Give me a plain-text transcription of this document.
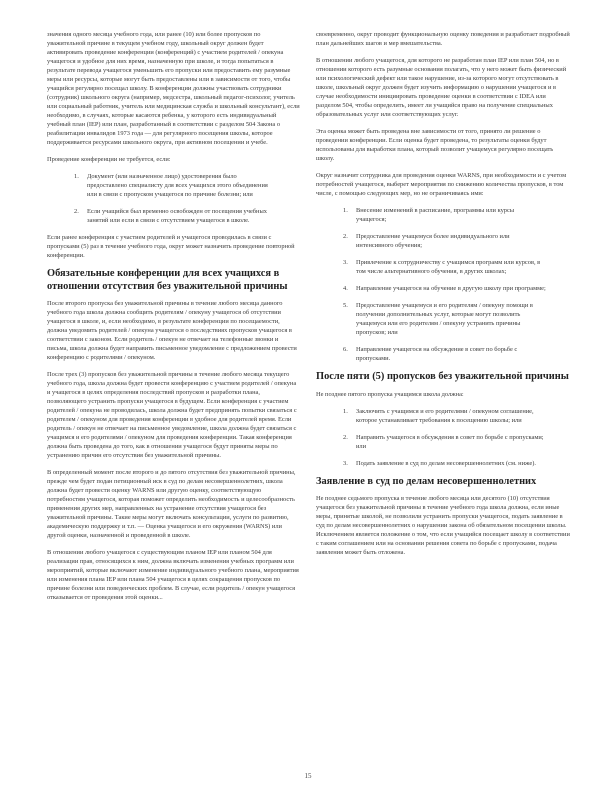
значения одного месяца учебного года, или ранее (10) или более пропусков по уважительной причине в текущем учебном году, школьный округ должен будет активировать проведение конференции (конференций) с участием родителей / опекуна учащегося и удобное для них время, назначенную при школе, и тогда попытаться в результате перевода учащегося уменьшить его пропуски или предоставить ему разумные меры или ресурсы, которые могут быть предоставлены или в зависимости от того, чтобы учащийся регулярно посещал школу. В конференции должны участвовать сотрудники (сотрудник) школьного округа (например, медсестра, школьный педагог-психолог, учитель или социальный работник, учитель или медицинская служба и школьный консультант), если необходимо, в случаях, которые касаются ребенка, у которого есть индивидуальный учебный план (IEP) или план, разработанный в соответствии с разделом 504 Закона о реабилитации инвалидов 1973 года — для регулярного посещения школы, которое поддерживается ресурсами школьного округа, при активном посещении и учебе.

Проведение конференции не требуется, если:

1. Документ (или назначенное лицо) удостоверения было предоставлено специалисту для всех учащихся этого объединения или в связи с пропуском учащегося по причине болезни; или
2. Если учащийся был временно освобожден от посещения учебных занятий или если в связи с отсутствием учащегося в школе.

Если ранее конференция с участием родителей и учащегося проводилась в связи с пропусками (5) раз в течение учебного года, округ может назначить проведение повторной конференции.

Обязательные конференции для всех учащихся в отношении отсутствия без уважительной причины

После второго пропуска без уважительной причины в течение любого месяца данного учебного года школа должна сообщить родителям / опекуну учащегося об отсутствии учащегося в школе, и, если необходимо, в результате конференции по посещаемости, должна уведомить родителей / опекуна учащегося о последствиях пропусков учащегося в соответствии с законом. Если родитель / опекун не отвечает на телефонные звонки и письма, школа должна будет направить письменное уведомление с предложением провести конференцию с родителями / опекуном.

После трех (3) пропусков без уважительной причины в течение любого месяца текущего учебного года, школа должна будет провести конференцию с участием родителей / опекуна и учащегося в целях определения последствий пропусков и разработки плана, позволяющего устранить пропуски учащегося в будущем. Если конференция с участием родителей / опекуна не проводилась, школа должна будет предпринять попытки связаться с родителем / опекуном для проведения конференции в удобное для родителей время. Если родитель / опекун не отвечает на письменное уведомление, школа должна будет связаться с учащимся и его родителями / опекуном для проведения конференции. Такая конференция должна быть проведена до того, как в отношении учащегося будут приняты меры по устранению причин его отсутствия без уважительной причины.

В определенный момент после второго и до пятого отсутствия без уважительной причины, прежде чем будет подан петиционный иск в суд по делам несовершеннолетних, школа должна будет провести оценку WARNS или другую оценку, соответствующую потребностям учащегося, которая поможет определить необходимость и целесообразность применения других мер, направленных на устранение отсутствия учащегося без уважительной причины. Такие меры могут включать консультации, услуги по развитию, академическую поддержку и т.п. — Оценка учащегося и его окружения (WARNS) или другой оценки, назначенной и проведенной в школе.

В отношении любого учащегося с существующим планом IEP или планом 504 для реализации прав, относящихся к ним, должна включать изменения учебных программ или мероприятий, которые включают изменение индивидуального учебного плана, мероприятия или изменения плана IEP или плана 504 учащегося в целях сокращения пропусков по причине болезни или поведенческих проблем. В случае, если родитель / опекун учащегося отказывается от проведения этой оценки...

своевременно, округ проводит функциональную оценку поведения и разработает подробный план дальнейших шагов и мер вмешательства.

В отношении любого учащегося, для которого не разработан план IEP или план 504, но в отношении которого есть разумные основания полагать, что у него может быть физический или психологический дефект или такое нарушение, из-за которого могут отсутствовать в школе, школьный округ должен будет изучить информацию о нарушении учащегося и в случае необходимости инициировать проведение оценки в соответствии с IDEA или разделом 504, чтобы определить, имеет ли учащийся право на получение специальных образовательных услуг или соответствующих услуг.

Эта оценка может быть проведена вне зависимости от того, принято ли решение о проведении конференции. Если оценка будет проведена, то результаты оценки будут использованы для выработки плана, который позволит учащемуся регулярно посещать школу.

Округ назначит сотрудника для проведения оценки WARNS, при необходимости и с учетом потребностей учащегося, выберет мероприятия по снижению количества пропусков, в том числе, с помощью следующих мер, но не ограничиваясь ими:

1. Внесение изменений в расписание, программы или курсы учащегося;
2. Предоставление учащемуся более индивидуального или интенсивного обучения;
3. Привлечение к сотрудничеству с учащимся программ или курсов, в том числе альтернативного обучения, в других школах;
4. Направление учащегося на обучение в другую школу при программе;
5. Предоставление учащемуся и его родителям / опекуну помощи в получении дополнительных услуг, которые могут позволить учащемуся или его родителям / опекуну устранить причины пропусков; или
6. Направление учащегося на обсуждение в совет по борьбе с пропусками.
После пяти (5) пропусков без уважительной причины

Не позднее пятого пропуска учащимся школа должна:

1. Заключить с учащимся и его родителями / опекуном соглашение, которое устанавливает требования к посещению школы; или
2. Направить учащегося в обсуждения в совет по борьбе с пропусками; или
3. Подать заявление в суд по делам несовершеннолетних (см. ниже).
Заявление в суд по делам несовершеннолетних

Не позднее седьмого пропуска в течение любого месяца или десятого (10) отсутствия учащегося без уважительной причины в течение учебного года школа должна, если иные меры, принятые школой, не позволили устранить пропуски учащегося, подать заявление в суд по делам несовершеннолетних о нарушении закона об обязательном посещении школы. Исключением является положение о том, что если учащийся посещает школу в соответствии с таким соглашением или на основании решения совета по борьбе с пропусками, подача заявления может быть отложена.

15
